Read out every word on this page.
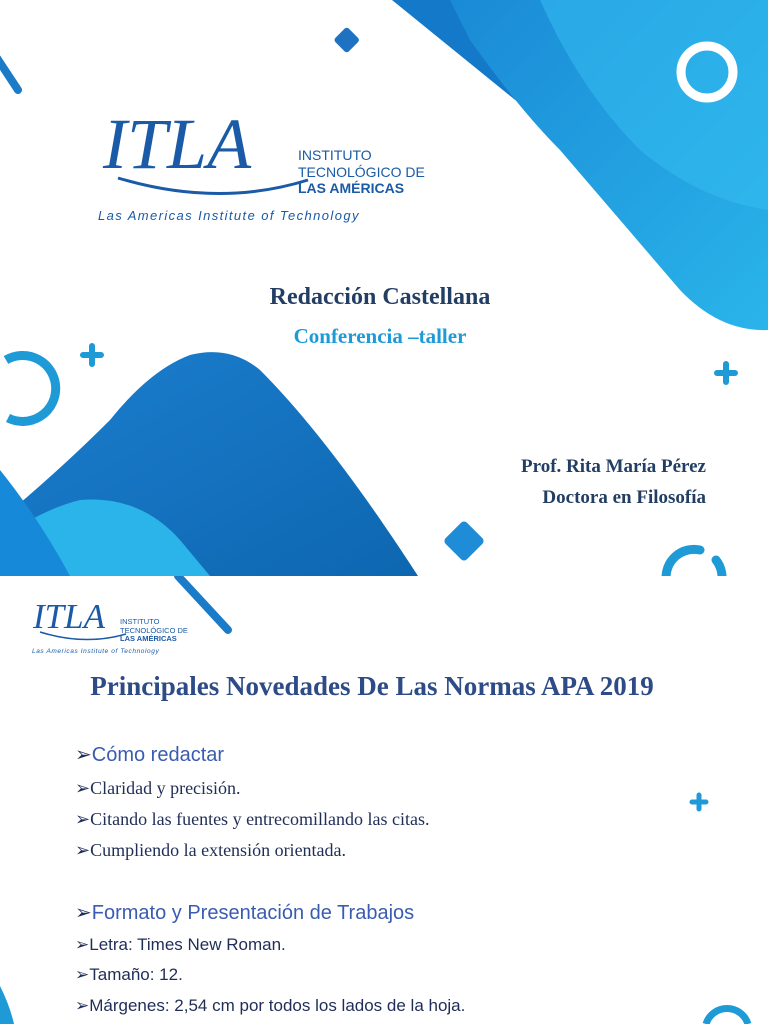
ITLA	INSTITUTO
TECNOLÓGICO DE
LAS AMÉRICAS
Las Americas Institute of Technology
Redacción Castellana
Conferencia –taller
Prof. Rita María Pérez
Doctora en Filosofía
ITLA INSTITUTO
TECNOLÓGICO DE
LAS AMÉRICAS
Las Americas Institute of Technology
Principales Novedades De Las Normas APA 2019
➢Cómo redactar
➢Claridad y precisión.
➢Citando las fuentes y entrecomillando las citas.
➢Cumpliendo la extensión orientada.
➢Formato y Presentación de Trabajos
➢Letra: Times New Roman.
➢Tamaño: 12.
➢Márgenes: 2,54 cm por todos los lados de la hoja.
